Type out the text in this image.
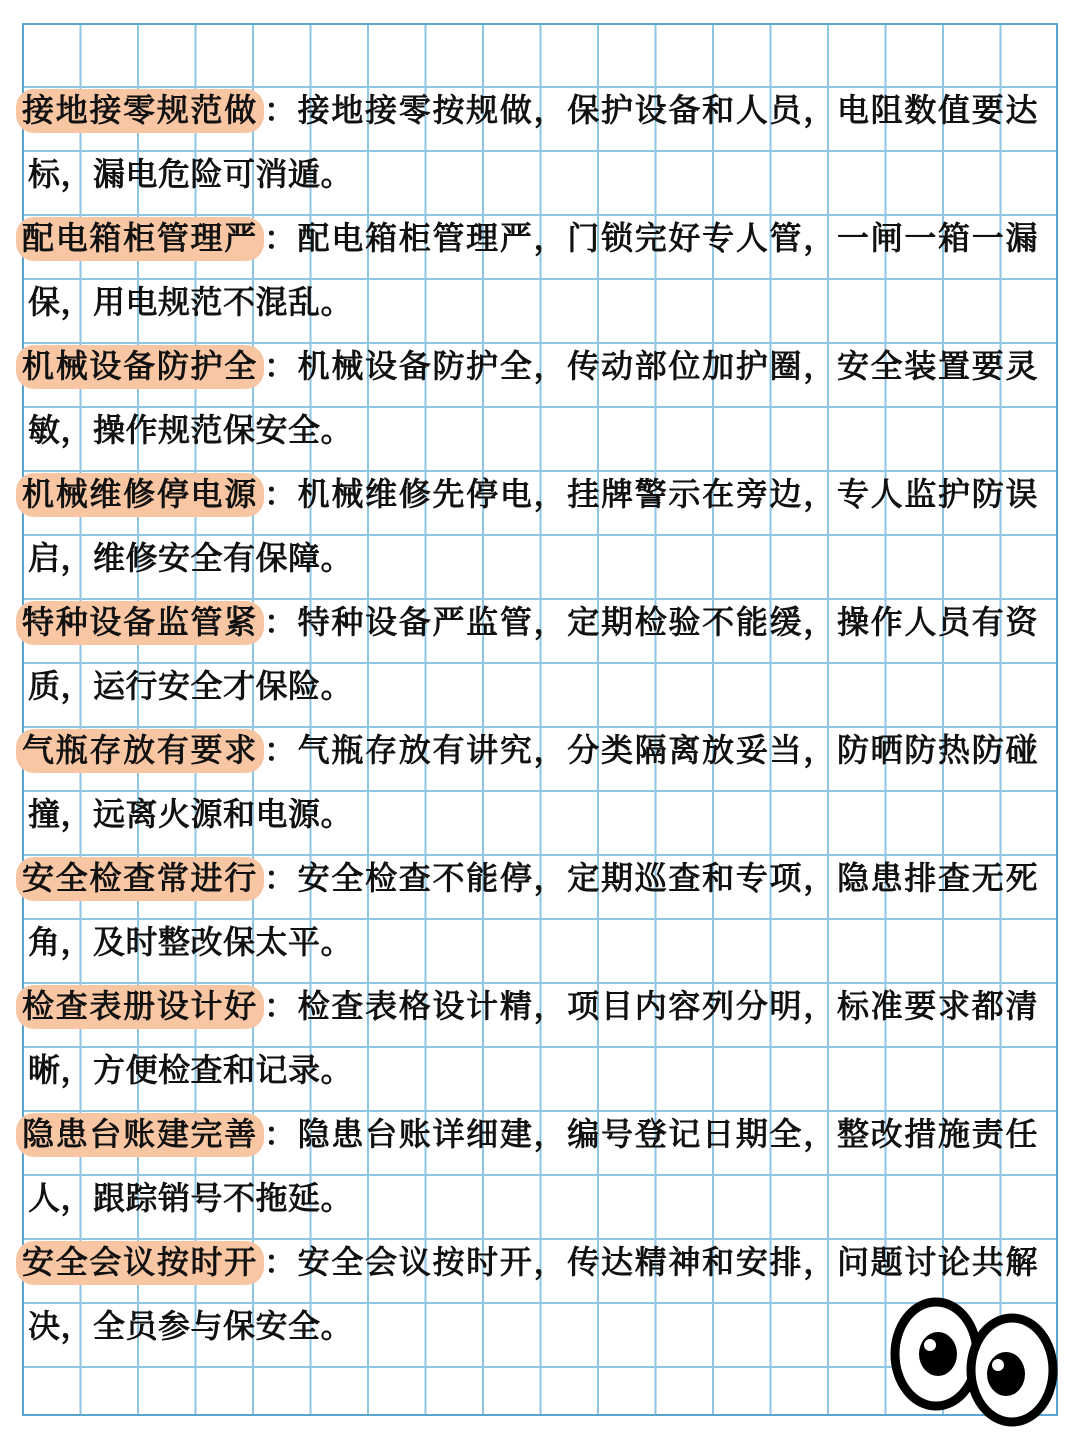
接地接零规范做 ：接地接零按规做，保护设备和人员，电阻数值要达标，漏电危险可消遁。
配电箱柜管理严 ：配电箱柜管理严，门锁完好专人管，一闸一箱一漏保，用电规范不混乱。
机械设备防护全 ：机械设备防护全，传动部位加护圈，安全装置要灵敏，操作规范保安全。
机械维修停电源 ：机械维修先停电，挂牌警示在旁边，专人监护防误启，维修安全有保障。
特种设备监管紧 ：特种设备严监管，定期检验不能缓，操作人员有资质，运行安全才保险。
气瓶存放有要求 ：气瓶存放有讲究，分类隔离放妥当，防晒防热防碰撞，远离火源和电源。
安全检查常进行 ：安全检查不能停，定期巡查和专项，隐患排查无死角，及时整改保太平。
检查表册设计好 ：检查表格设计精，项目内容列分明，标准要求都清晰，方便检查和记录。
隐患台账建完善 ：隐患台账详细建，编号登记日期全，整改措施责任人，跟踪销号不拖延。
安全会议按时开 ：安全会议按时开，传达精神和安排，问题讨论共解决，全员参与保安全。
